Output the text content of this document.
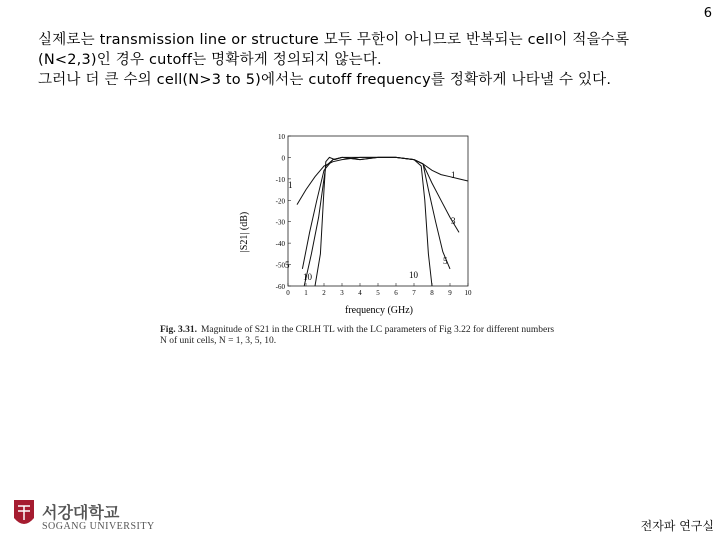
6
실제로는 transmission line or structure 모두 무한이 아니므로 반복되는 cell이 적을수록
(N<2,3)인 경우 cutoff는 명확하게 정의되지 않는다.
그러나 더 큰 수의 cell(N>3 to 5)에서는 cutoff frequency를 정확하게 나타낼 수 있다.
10
0
-10
-20
-30
-40
-50
-60
0 1 2 3 4 5 6 7 8 9 10
|S21| (dB)
frequency (GHz)
1
1
3
5	5
10	10
Fig. 3.31. Magnitude of S21 in the CRLH TL with the LC parameters of Fig 3.22 for different numbers N of unit cells, N = 1, 3, 5, 10.
서강대학교
SOGANG UNIVERSITY	전자파 연구실
